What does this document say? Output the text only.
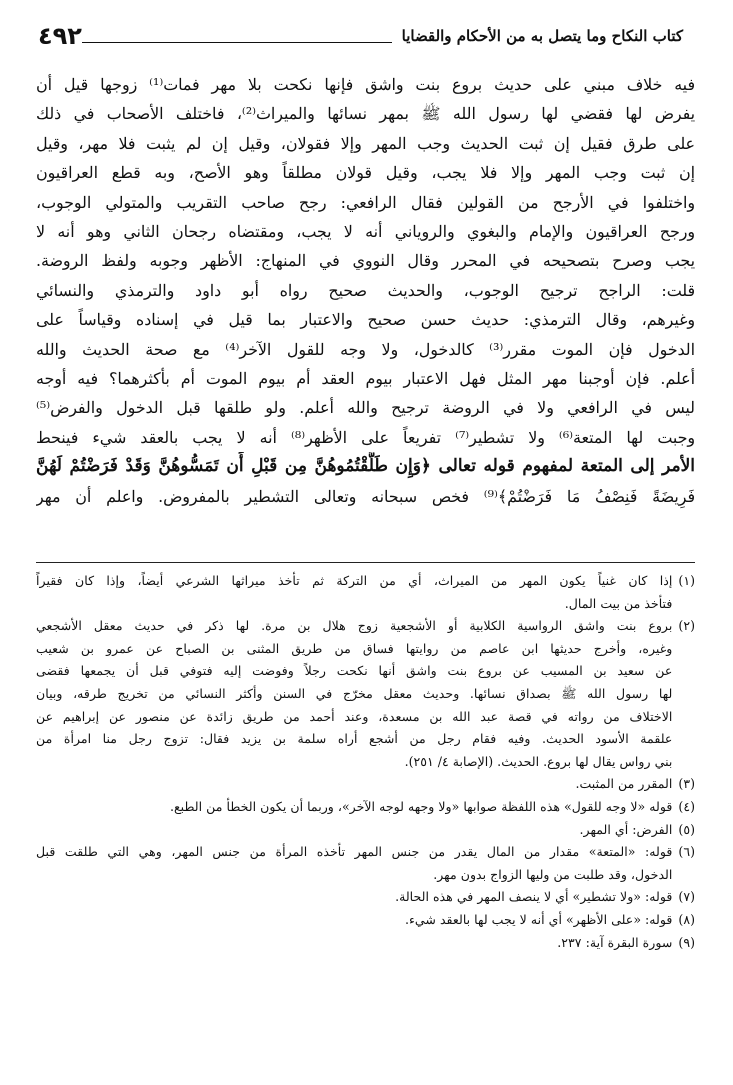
كتاب النكاح وما يتصل به من الأحكام والقضايا
٤٩٢
فيه خلاف مبني على حديث بروع بنت واشق فإنها نكحت بلا مهر فمات⁽¹⁾ زوجها قيل أن
يفرض لها فقضي لها رسول الله ﷺ بمهر نسائها والميراث⁽²⁾، فاختلف الأصحاب في ذلك
على طرق فقيل إن ثبت الحديث وجب المهر وإلا فقولان، وقيل إن لم يثبت فلا مهر، وقيل
إن ثبت وجب المهر وإلا فلا يجب، وقيل قولان مطلقاً وهو الأصح، وبه قطع العراقيون
واختلفوا في الأرجح من القولين فقال الرافعي: رجح صاحب التقريب والمتولي الوجوب،
ورجح العراقيون والإمام والبغوي والروياني أنه لا يجب، ومقتضاه رجحان الثاني وهو أنه لا
يجب وصرح بتصحيحه في المحرر وقال النووي في المنهاج: الأظهر وجوبه ولفظ الروضة.
قلت: الراجح ترجيح الوجوب، والحديث صحيح رواه أبو داود والترمذي والنسائي
وغيرهم، وقال الترمذي: حديث حسن صحيح والاعتبار بما قيل في إسناده وقياساً على
الدخول فإن الموت مقرر⁽³⁾ كالدخول، ولا وجه للقول الآخر⁽⁴⁾ مع صحة الحديث والله
أعلم. فإن أوجبنا مهر المثل فهل الاعتبار بيوم العقد أم بيوم الموت أم بأكثرهما؟ فيه أوجه
ليس في الرافعي ولا في الروضة ترجيح والله أعلم. ولو طلقها قبل الدخول والفرض⁽⁵⁾
وجبت لها المتعة⁽⁶⁾ ولا تشطير⁽⁷⁾ تفريعاً على الأظهر⁽⁸⁾ أنه لا يجب بالعقد شيء فينحط
الأمر إلى المتعة لمفهوم قوله تعالى ﴿وَإِن طَلَّقْتُمُوهُنَّ مِن قَبْلِ أَن تَمَسُّوهُنَّ وَقَدْ فَرَضْتُمْ لَهُنَّ
فَرِيضَةً فَنِصْفُ مَا فَرَضْتُمْ﴾⁽⁹⁾ فخص سبحانه وتعالى التشطير بالمفروض. واعلم أن مهر
(١)
إذا كان غنياً يكون المهر من الميراث، أي من التركة ثم تأخذ ميراثها الشرعي أيضاً، وإذا كان فقيراً
فتأخذ من بيت المال.
(٢)
بروع بنت واشق الرواسية الكلابية أو الأشجعية زوج هلال بن مرة. لها ذكر في حديث معقل الأشجعي
وغيره، وأخرج حديثها ابن عاصم من روايتها فساق من طريق المثنى بن الصباح عن عمرو بن شعيب
عن سعيد بن المسيب عن بروع بنت واشق أنها نكحت رجلاً وفوضت إليه فتوفي قبل أن يجمعها فقضى
لها رسول الله ﷺ بصداق نسائها. وحديث معقل مخرّج في السنن وأكثر النسائي من تخريج طرقه، وبيان
الاختلاف من رواته في قصة عبد الله بن مسعدة، وعند أحمد من طريق زائدة عن منصور عن إبراهيم عن
علقمة الأسود الحديث. وفيه فقام رجل من أشجع أراه سلمة بن يزيد فقال: تزوج رجل منا امرأة من
بني رواس يقال لها بروع. الحديث. (الإصابة ٤/ ٢٥١).
(٣)
المقرر من المثبت.
(٤)
قوله «لا وجه للقول» هذه اللفظة صوابها «ولا وجهه لوجه الآخر»، وربما أن يكون الخطأ من الطبع.
(٥)
الفرض: أي المهر.
(٦)
قوله: «المتعة» مقدار من المال يقدر من جنس المهر تأخذه المرأة من جنس المهر، وهي التي طلقت قبل
الدخول، وقد طلبت من وليها الزواج بدون مهر.
(٧)
قوله: «ولا تشطير» أي لا ينصف المهر في هذه الحالة.
(٨)
قوله: «على الأظهر» أي أنه لا يجب لها بالعقد شيء.
(٩)
سورة البقرة آية: ٢٣٧.
